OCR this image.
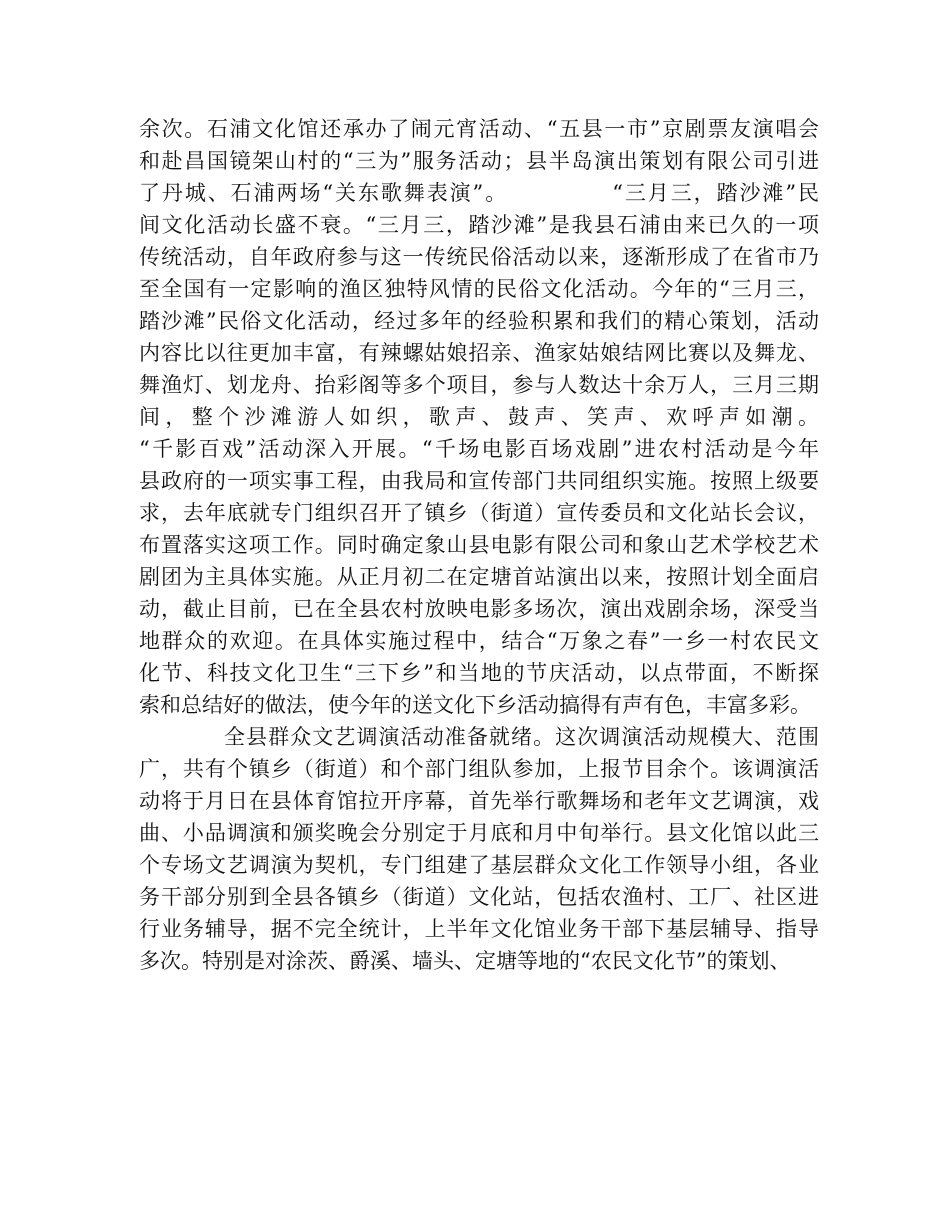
余次。石浦文化馆还承办了闹元宵活动、“五县一市”京剧票友演唱会
和赴昌国镜架山村的“三为”服务活动；县半岛演出策划有限公司引进
了丹城、石浦两场“关东歌舞表演”。　　　　　“三月三，踏沙滩”民
间文化活动长盛不衰。“三月三，踏沙滩”是我县石浦由来已久的一项
传统活动，自年政府参与这一传统民俗活动以来，逐渐形成了在省市乃
至全国有一定影响的渔区独特风情的民俗文化活动。今年的“三月三，
踏沙滩”民俗文化活动，经过多年的经验积累和我们的精心策划，活动
内容比以往更加丰富，有辣螺姑娘招亲、渔家姑娘结网比赛以及舞龙、
舞渔灯、划龙舟、抬彩阁等多个项目，参与人数达十余万人，三月三期
间，整个沙滩游人如织，歌声、鼓声、笑声、欢呼声如潮。
“千影百戏”活动深入开展。“千场电影百场戏剧”进农村活动是今年
县政府的一项实事工程，由我局和宣传部门共同组织实施。按照上级要
求，去年底就专门组织召开了镇乡（街道）宣传委员和文化站长会议，
布置落实这项工作。同时确定象山县电影有限公司和象山艺术学校艺术
剧团为主具体实施。从正月初二在定塘首站演出以来，按照计划全面启
动，截止目前，已在全县农村放映电影多场次，演出戏剧余场，深受当
地群众的欢迎。在具体实施过程中，结合“万象之春”一乡一村农民文
化节、科技文化卫生“三下乡”和当地的节庆活动，以点带面，不断探
索和总结好的做法，使今年的送文化下乡活动搞得有声有色，丰富多彩。
全县群众文艺调演活动准备就绪。这次调演活动规模大、范围
广，共有个镇乡（街道）和个部门组队参加，上报节目余个。该调演活
动将于月日在县体育馆拉开序幕，首先举行歌舞场和老年文艺调演，戏
曲、小品调演和颁奖晚会分别定于月底和月中旬举行。县文化馆以此三
个专场文艺调演为契机，专门组建了基层群众文化工作领导小组，各业
务干部分别到全县各镇乡（街道）文化站，包括农渔村、工厂、社区进
行业务辅导，据不完全统计，上半年文化馆业务干部下基层辅导、指导
多次。特别是对涂茨、爵溪、墙头、定塘等地的“农民文化节”的策划、
